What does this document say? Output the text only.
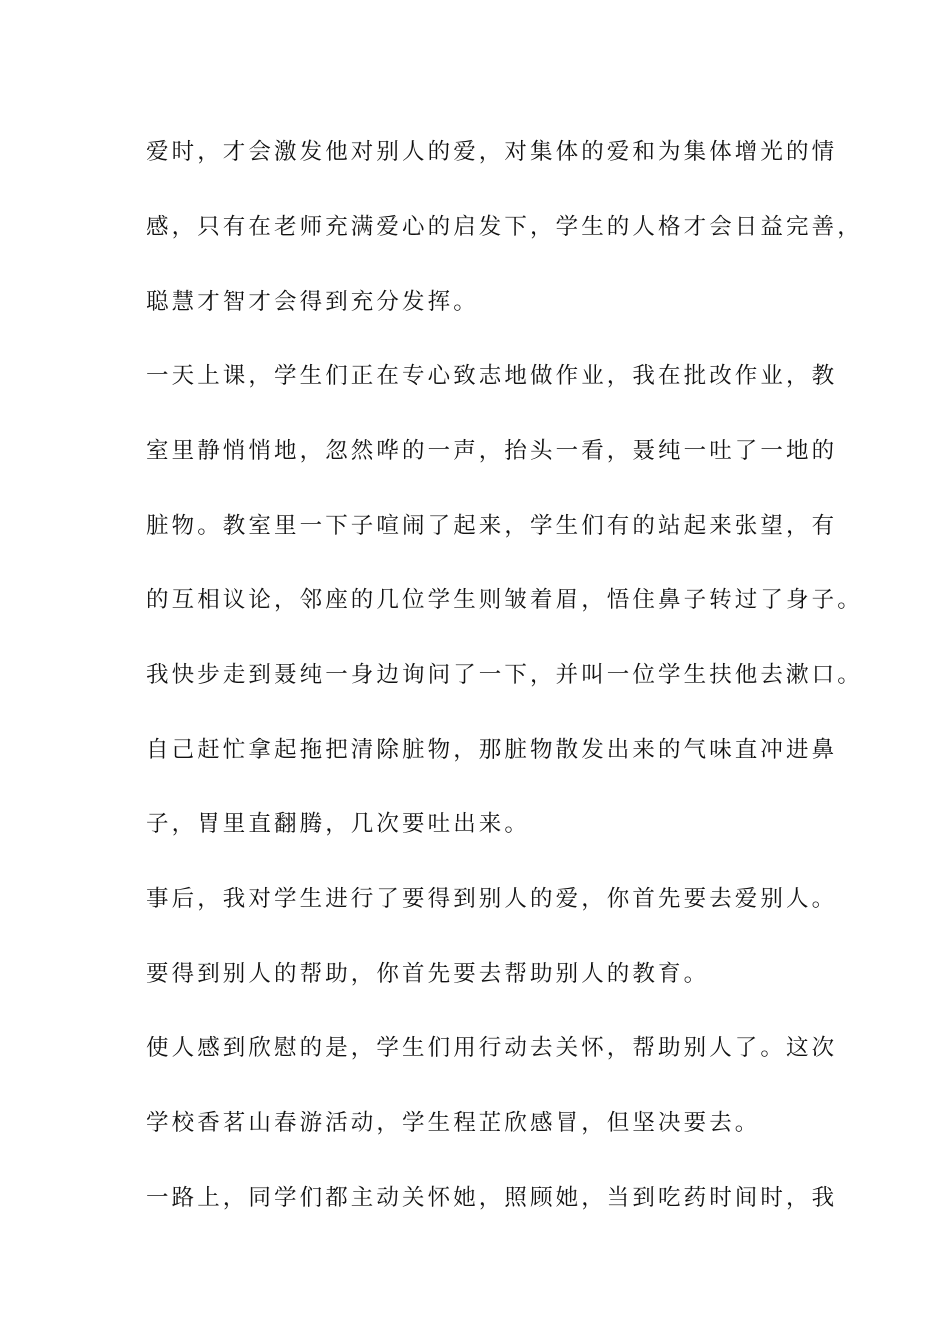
爱时，才会激发他对别人的爱，对集体的爱和为集体增光的情

感，只有在老师充满爱心的启发下，学生的人格才会日益完善，

聪慧才智才会得到充分发挥。

一天上课，学生们正在专心致志地做作业，我在批改作业，教

室里静悄悄地，忽然哗的一声，抬头一看，聂纯一吐了一地的

脏物。教室里一下子喧闹了起来，学生们有的站起来张望，有

的互相议论，邻座的几位学生则皱着眉，悟住鼻子转过了身子。

我快步走到聂纯一身边询问了一下，并叫一位学生扶他去漱口。

自己赶忙拿起拖把清除脏物，那脏物散发出来的气味直冲进鼻

子，胃里直翻腾，几次要吐出来。

事后，我对学生进行了要得到别人的爱，你首先要去爱别人。

要得到别人的帮助，你首先要去帮助别人的教育。

使人感到欣慰的是，学生们用行动去关怀，帮助别人了。这次

学校香茗山春游活动，学生程芷欣感冒，但坚决要去。

一路上，同学们都主动关怀她，照顾她，当到吃药时间时，我
